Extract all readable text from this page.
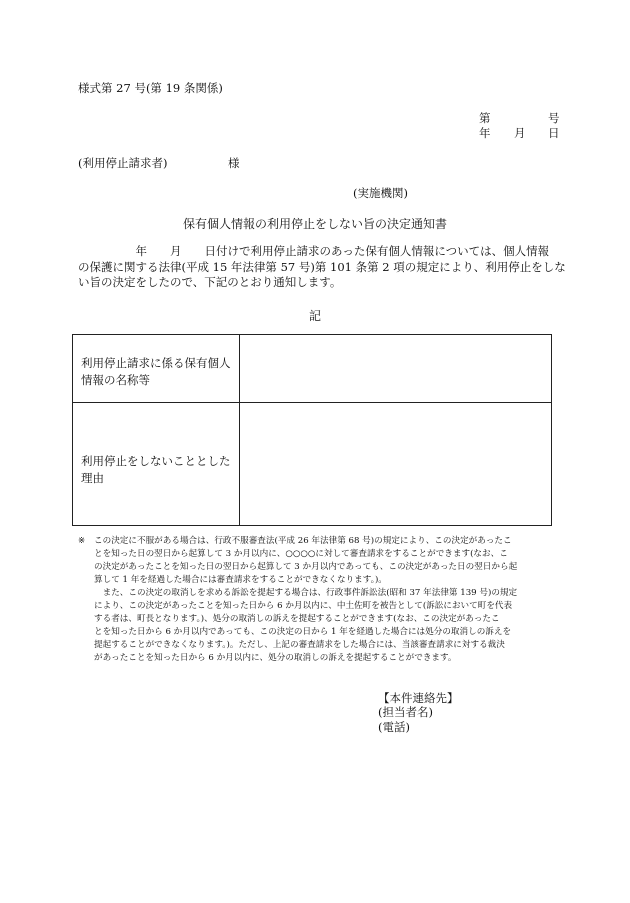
様式第 27 号(第 19 条関係)
第	号
年 月 日
(利用停止請求者)	様
(実施機関)
保有個人情報の利用停止をしない旨の決定通知書
　　　　　年　　月　　日付けで利用停止請求のあった保有個人情報については、個人情報
の保護に関する法律(平成 15 年法律第 57 号)第 101 条第 2 項の規定により、利用停止をしな
い旨の決定をしたので、下記のとおり通知します。
記
利用停止請求に係る保有個人情報の名称等
利用停止をしないこととした理由
※ この決定に不服がある場合は、行政不服審査法(平成 26 年法律第 68 号)の規定により、この決定があったこ
とを知った日の翌日から起算して 3 か月以内に、○○○○に対して審査請求をすることができます(なお、こ
の決定があったことを知った日の翌日から起算して 3 か月以内であっても、この決定があった日の翌日から起
算して 1 年を経過した場合には審査請求をすることができなくなります。)。
　また、この決定の取消しを求める訴訟を提起する場合は、行政事件訴訟法(昭和 37 年法律第 139 号)の規定
により、この決定があったことを知った日から 6 か月以内に、中土佐町を被告として(訴訟において町を代表
する者は、町長となります。)、処分の取消しの訴えを提起することができます(なお、この決定があったこ
とを知った日から 6 か月以内であっても、この決定の日から 1 年を経過した場合には処分の取消しの訴えを
提起することができなくなります。)。ただし、上記の審査請求をした場合には、当該審査請求に対する裁決
があったことを知った日から 6 か月以内に、処分の取消しの訴えを提起することができます。
【本件連絡先】
(担当者名)
(電話)
